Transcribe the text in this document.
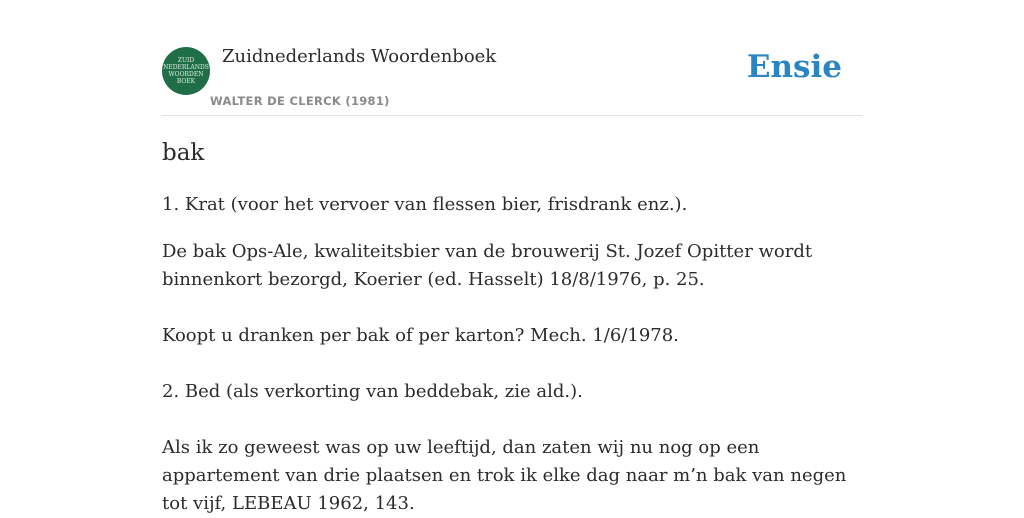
ZUID
NEDERLANDS
WOORDEN
BOEK
Zuidnederlands Woordenboek
WALTER DE CLERCK (1981)
Ensie
bak

1. Krat (voor het vervoer van flessen bier, frisdrank enz.).

De bak Ops-Ale, kwaliteitsbier van de brouwerij St. Jozef Opitter wordt binnenkort bezorgd, Koerier (ed. Hasselt) 18/8/1976, p. 25.

Koopt u dranken per bak of per karton? Mech. 1/6/1978.

2. Bed (als verkorting van beddebak, zie ald.).

Als ik zo geweest was op uw leeftijd, dan zaten wij nu nog op een appartement van drie plaatsen en trok ik elke dag naar m’n bak van negen tot vijf, LEBEAU 1962, 143.
